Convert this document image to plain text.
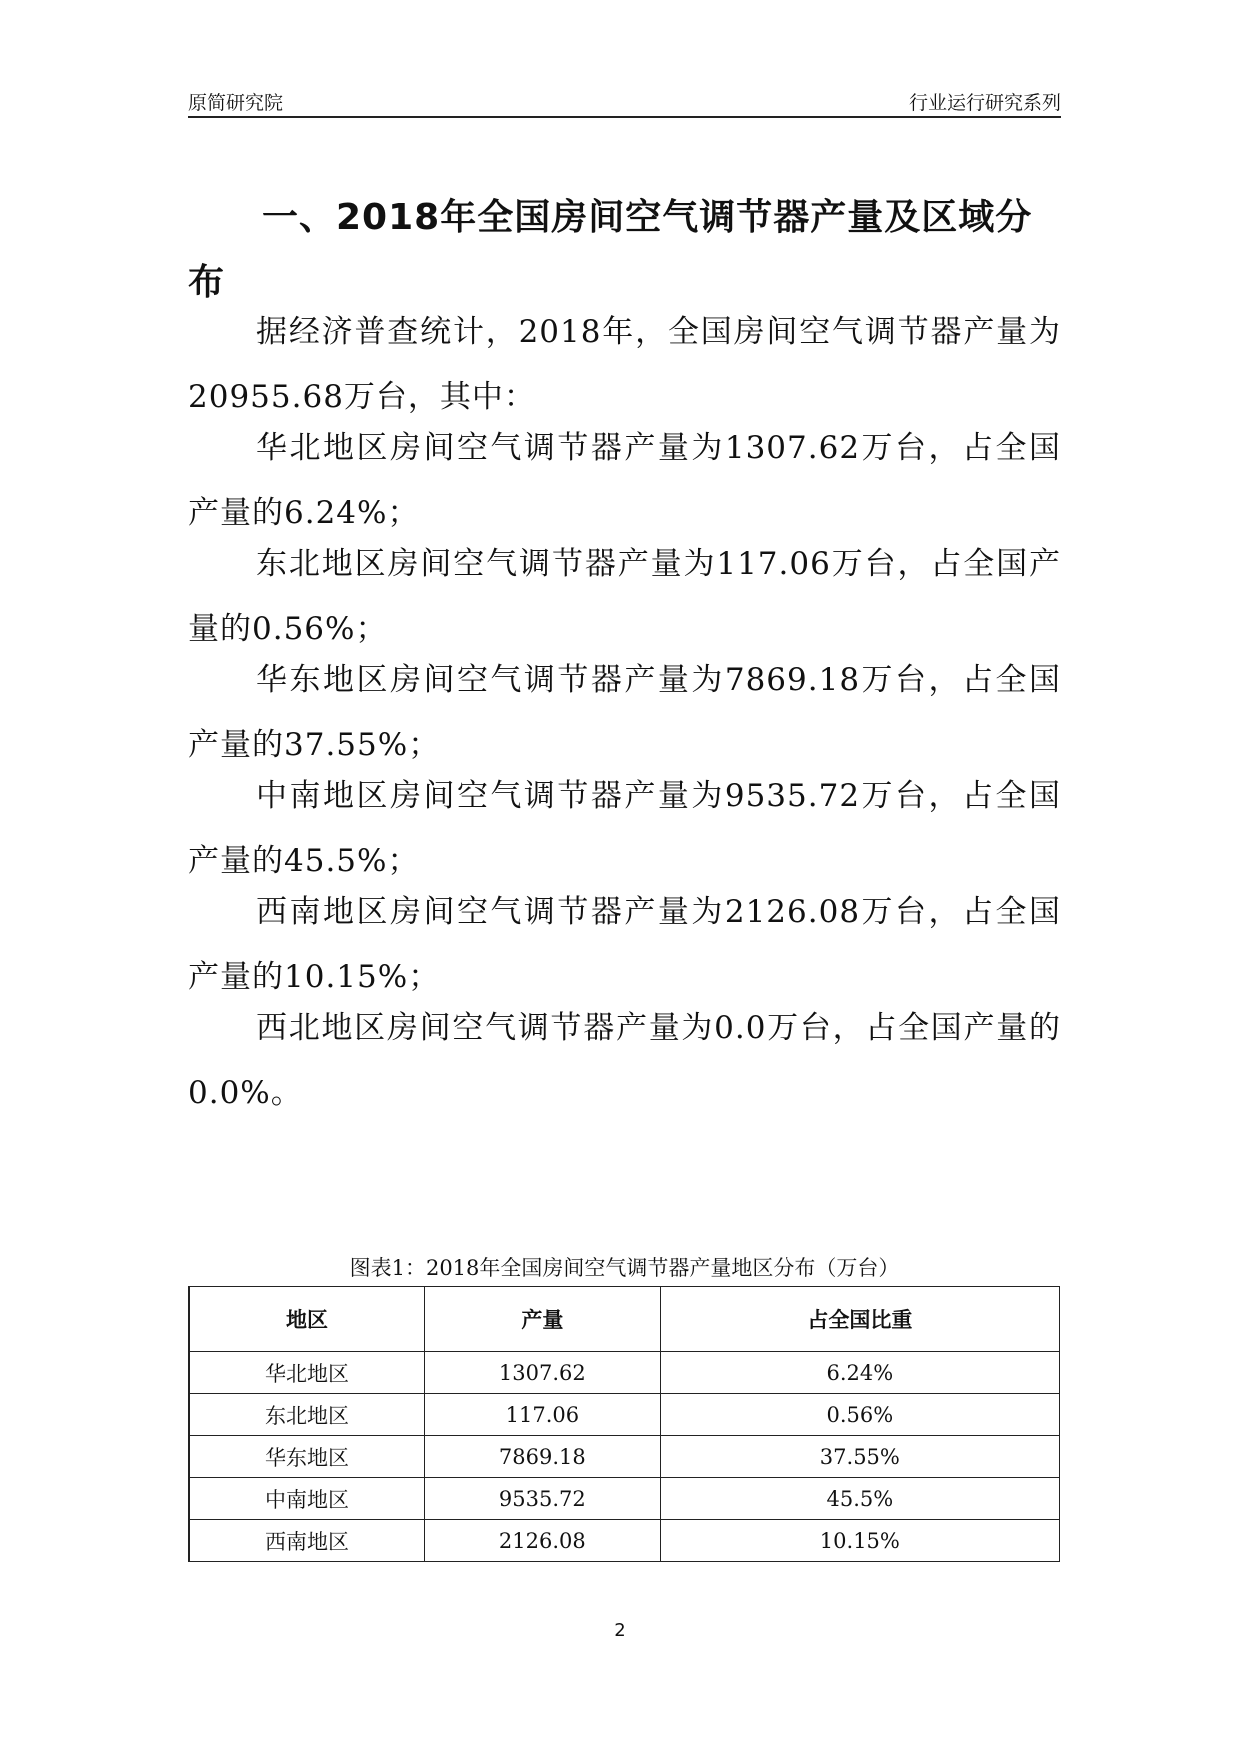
原简研究院	行业运行研究系列
一、2018年全国房间空气调节器产量及区域分布
据经济普查统计，2018年，全国房间空气调节器产量为20955.68万台，其中：
华北地区房间空气调节器产量为1307.62万台，占全国产量的6.24%；
东北地区房间空气调节器产量为117.06万台，占全国产量的0.56%；
华东地区房间空气调节器产量为7869.18万台，占全国产量的37.55%；
中南地区房间空气调节器产量为9535.72万台，占全国产量的45.5%；
西南地区房间空气调节器产量为2126.08万台，占全国产量的10.15%；
西北地区房间空气调节器产量为0.0万台，占全国产量的0.0%。
图表1：2018年全国房间空气调节器产量地区分布（万台）
地区	产量	占全国比重
华北地区	1307.62	6.24%
东北地区	117.06	0.56%
华东地区	7869.18	37.55%
中南地区	9535.72	45.5%
西南地区	2126.08	10.15%
2
